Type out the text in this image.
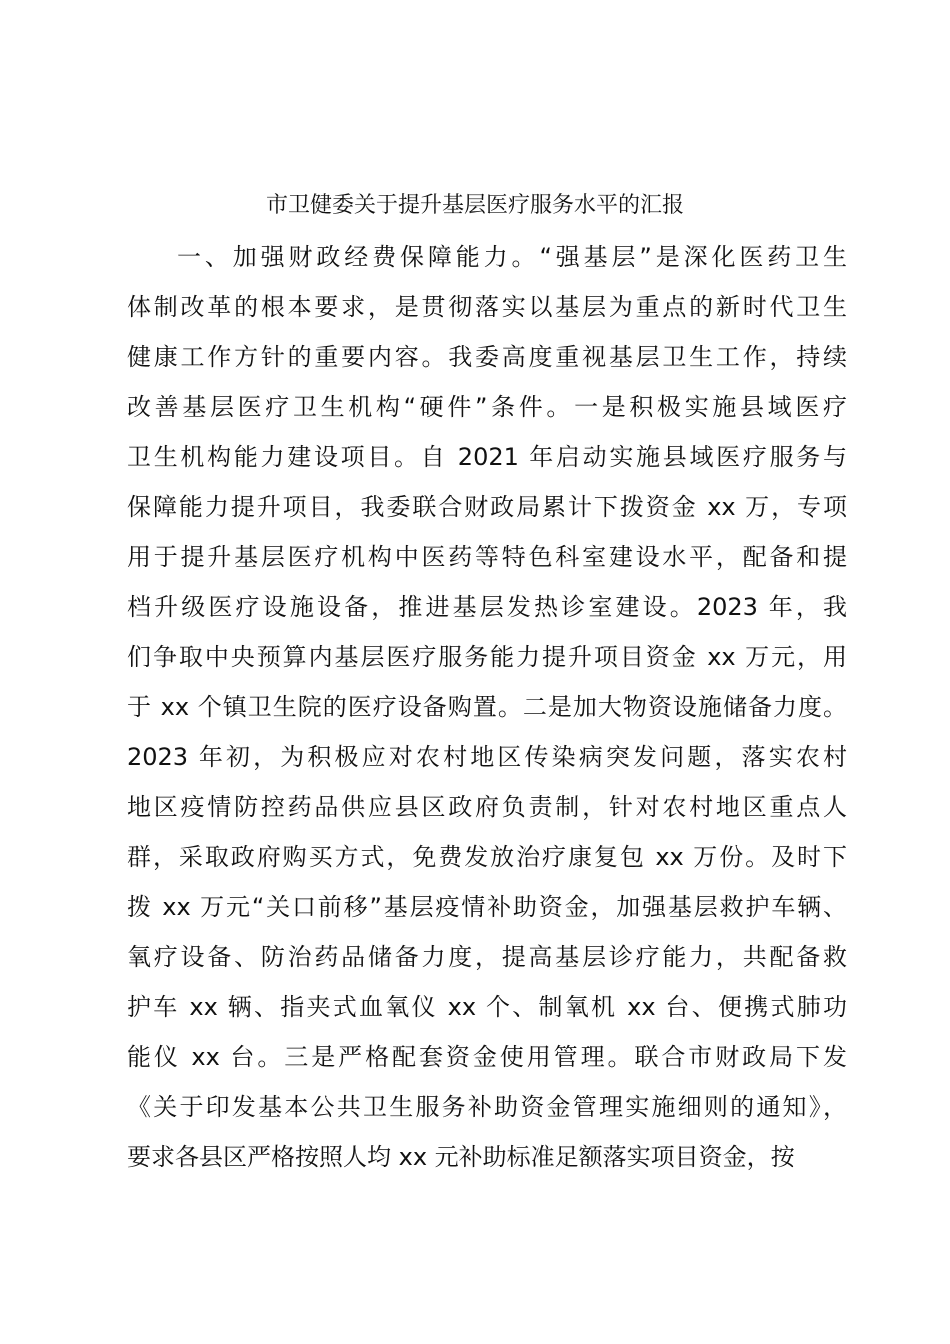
市卫健委关于提升基层医疗服务水平的汇报
一、加强财政经费保障能力。“强基层”是深化医药卫生
体制改革的根本要求，是贯彻落实以基层为重点的新时代卫生
健康工作方针的重要内容。我委高度重视基层卫生工作，持续
改善基层医疗卫生机构“硬件”条件。一是积极实施县域医疗
卫生机构能力建设项目。自 2021 年启动实施县域医疗服务与
保障能力提升项目，我委联合财政局累计下拨资金 xx 万，专项
用于提升基层医疗机构中医药等特色科室建设水平，配备和提
档升级医疗设施设备，推进基层发热诊室建设。2023 年，我
们争取中央预算内基层医疗服务能力提升项目资金 xx 万元，用
于 xx 个镇卫生院的医疗设备购置。二是加大物资设施储备力度。
2023 年初，为积极应对农村地区传染病突发问题，落实农村
地区疫情防控药品供应县区政府负责制，针对农村地区重点人
群，采取政府购买方式，免费发放治疗康复包 xx 万份。及时下
拨 xx 万元“关口前移”基层疫情补助资金，加强基层救护车辆、
氧疗设备、防治药品储备力度，提高基层诊疗能力，共配备救
护车 xx 辆、指夹式血氧仪 xx 个、制氧机 xx 台、便携式肺功
能仪 xx 台。三是严格配套资金使用管理。联合市财政局下发
《关于印发基本公共卫生服务补助资金管理实施细则的通知》，
要求各县区严格按照人均 xx 元补助标准足额落实项目资金，按
